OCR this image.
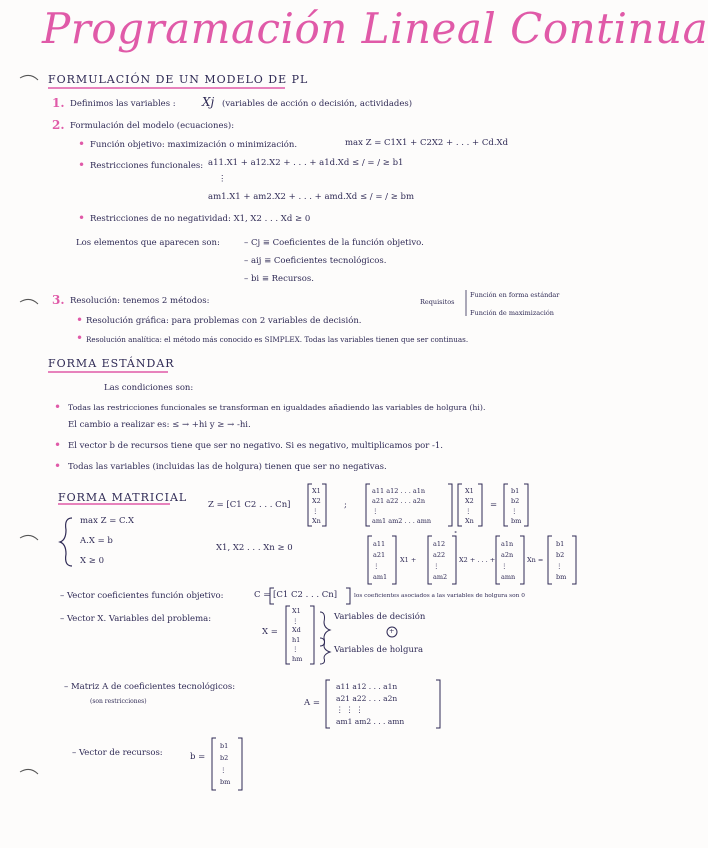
Programación Lineal Continua
FORMULACIÓN DE UN MODELO DE PL
1. Definimos las variables : Xj (variables de acción o decisión, actividades)
2. Formulación del modelo (ecuaciones):
• Función objetivo: maximización o minimización.	max Z = C1X1 + C2X2 + . . . + Cd.Xd
• Restricciones funcionales: a11.X1 + a12.X2 + . . . + a1d.Xd ≤ / = / ≥ b1
⋮
am1.X1 + am2.X2 + . . . + amd.Xd ≤ / = / ≥ bm
• Restricciones de no negatividad: X1, X2 . . . Xd ≥ 0
Los elementos que aparecen son:	– Cj ≡ Coeficientes de la función objetivo.
– aij ≡ Coeficientes tecnológicos.
– bi ≡ Recursos.
3. Resolución: tenemos 2 métodos:	Requisitos
Función en forma estándar
Función de maximización
• Resolución gráfica: para problemas con 2 variables de decisión.
• Resolución analítica: el método más conocido es SIMPLEX. Todas las variables tienen que ser continuas.
FORMA ESTÁNDAR
Las condiciones son:
• Todas las restricciones funcionales se transforman en igualdades añadiendo las variables de holgura (hi).
El cambio a realizar es: ≤ → +hi y ≥ → -hi.
• El vector b de recursos tiene que ser no negativo. Si es negativo, multiplicamos por -1.
• Todas las variables (incluidas las de holgura) tienen que ser no negativas.
FORMA MATRICIAL
max Z = C.X
A.X = b
X ≥ 0
Z = [C1 C2 . . . Cn]
X1
X2
⋮
Xn
;
a11 a12 . . . a1n
a21 a22 . . . a2n
⋮
am1 am2 . . . amn
X1
X2
⋮
Xn
=
b1
b2
⋮
bm
X1, X2 . . . Xn ≥ 0	a11
a21
⋮
am1
X1 +
a12
a22
⋮
am2
∘
X2 + . . . +
a1n
a2n
⋮
amn
Xn =
b1
b2
⋮
bm
– Vector coeficientes función objetivo:	C = [C1 C2 . . . Cn]	los coeficientes asociados a las variables de holgura son 0
– Vector X. Variables del problema:
X =
X1
⋮
Xd
h1
⋮
hm
Variables de decisión
+
Variables de holgura
– Matriz A de coeficientes tecnológicos:
(son restricciones)	A =
a11 a12 . . . a1n
a21 a22 . . . a2n
⋮ ⋮ ⋮
am1 am2 . . . amn
– Vector de recursos:	b =
b1
b2
⋮
bm
